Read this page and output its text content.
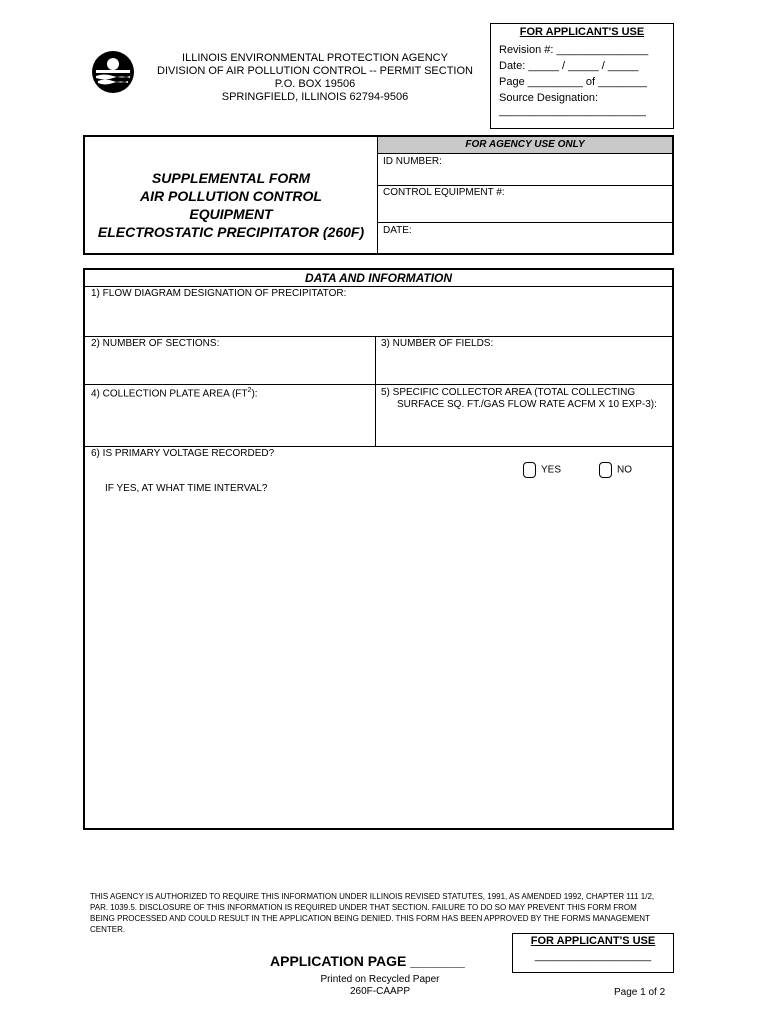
ILLINOIS ENVIRONMENTAL PROTECTION AGENCY
DIVISION OF AIR POLLUTION CONTROL -- PERMIT SECTION
P.O. BOX 19506
SPRINGFIELD, ILLINOIS 62794-9506
FOR APPLICANT'S USE
Revision #: _______________
Date: _____ / _____ / _____
Page _________ of ________
Source Designation:
________________________
SUPPLEMENTAL FORM
AIR POLLUTION CONTROL
EQUIPMENT
ELECTROSTATIC PRECIPITATOR (260F)
FOR AGENCY USE ONLY
ID NUMBER:
CONTROL EQUIPMENT #:
DATE:
DATA AND INFORMATION
1) FLOW DIAGRAM DESIGNATION OF PRECIPITATOR:
2) NUMBER OF SECTIONS:	3) NUMBER OF FIELDS:
4) COLLECTION PLATE AREA $(FT^2)$:	5) SPECIFIC COLLECTOR AREA (TOTAL COLLECTING
SURFACE SQ. FT./GAS FLOW RATE ACFM X 10 EXP-3):
6) IS PRIMARY VOLTAGE RECORDED?
YES	NO
IF YES, AT WHAT TIME INTERVAL?
THIS AGENCY IS AUTHORIZED TO REQUIRE THIS INFORMATION UNDER ILLINOIS REVISED STATUTES, 1991, AS AMENDED 1992, CHAPTER 111 1/2, PAR. 1039.5. DISCLOSURE OF THIS INFORMATION IS REQUIRED UNDER THAT SECTION. FAILURE TO DO SO MAY PREVENT THIS FORM FROM BEING PROCESSED AND COULD RESULT IN THE APPLICATION BEING DENIED. THIS FORM HAS BEEN APPROVED BY THE FORMS MANAGEMENT CENTER.
FOR APPLICANT'S USE
___________________
APPLICATION PAGE _______
Printed on Recycled Paper
260F-CAAPP	Page 1 of 2
